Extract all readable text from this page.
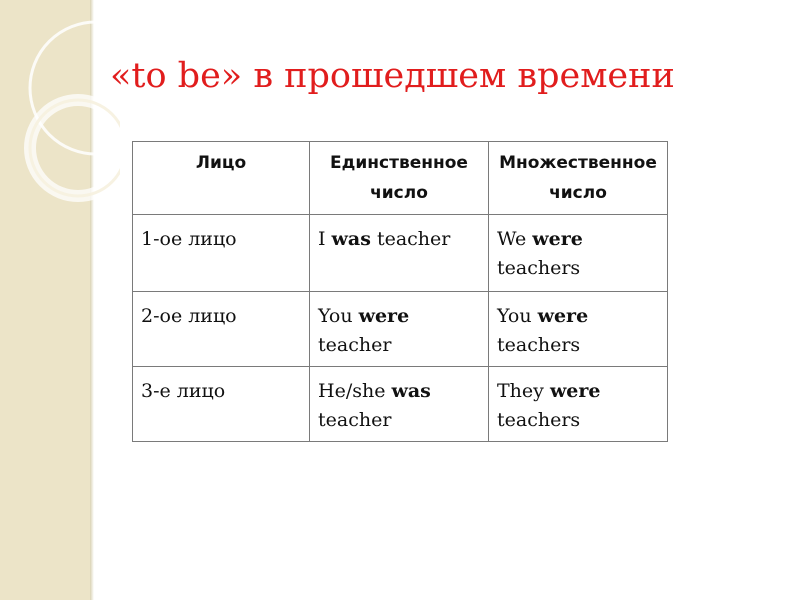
«to be» в прошедшем времени
Лицо	Единственное число	Множественное число
1-ое лицо	I was teacher	We were teachers
2-ое лицо	You were teacher	You were teachers
3-е лицо	He/she was teacher	They were teachers
